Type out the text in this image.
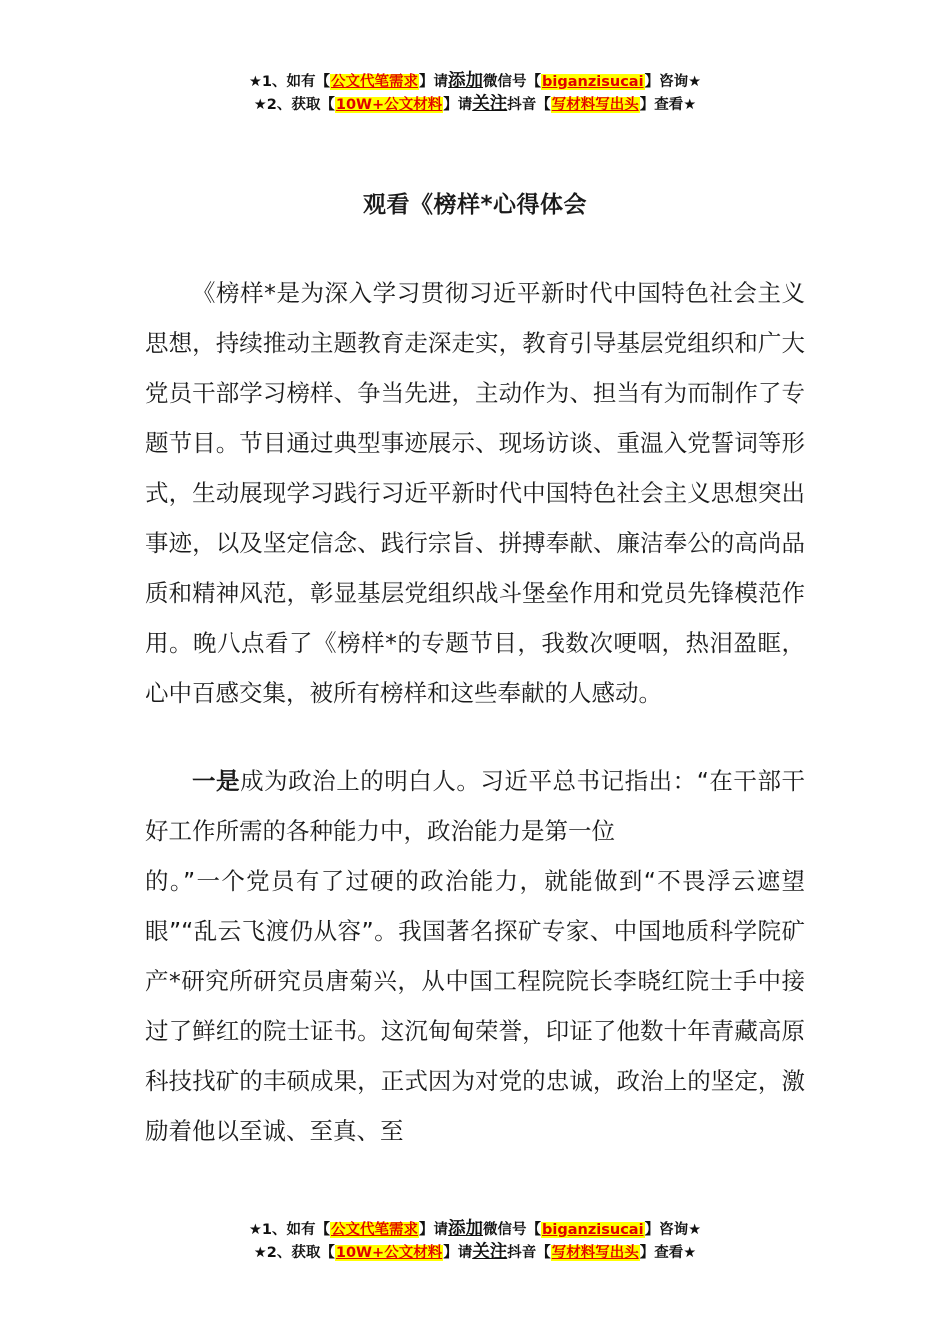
★1、如有【公文代笔需求】请添加微信号【biganzisucai】咨询★
★2、获取【10W+公文材料】请关注抖音【写材料写出头】查看★
观看《榜样*心得体会

《榜样*是为深入学习贯彻习近平新时代中国特色社会主义思想，持续推动主题教育走深走实，教育引导基层党组织和广大党员干部学习榜样、争当先进，主动作为、担当有为而制作了专题节目。节目通过典型事迹展示、现场访谈、重温入党誓词等形式，生动展现学习践行习近平新时代中国特色社会主义思想突出事迹，以及坚定信念、践行宗旨、拼搏奉献、廉洁奉公的高尚品质和精神风范，彰显基层党组织战斗堡垒作用和党员先锋模范作用。晚八点看了《榜样*的专题节目，我数次哽咽，热泪盈眶，心中百感交集，被所有榜样和这些奉献的人感动。

一是成为政治上的明白人。习近平总书记指出：“在干部干好工作所需的各种能力中，政治能力是第一位
的。”一个党员有了过硬的政治能力，就能做到“不畏浮云遮望眼”“乱云飞渡仍从容”。我国著名探矿专家、中国地质科学院矿产*研究所研究员唐菊兴，从中国工程院院长李晓红院士手中接过了鲜红的院士证书。这沉甸甸荣誉，印证了他数十年青藏高原科技找矿的丰硕成果，正式因为对党的忠诚，政治上的坚定，激励着他以至诚、至真、至

★1、如有【公文代笔需求】请添加微信号【biganzisucai】咨询★
★2、获取【10W+公文材料】请关注抖音【写材料写出头】查看★
